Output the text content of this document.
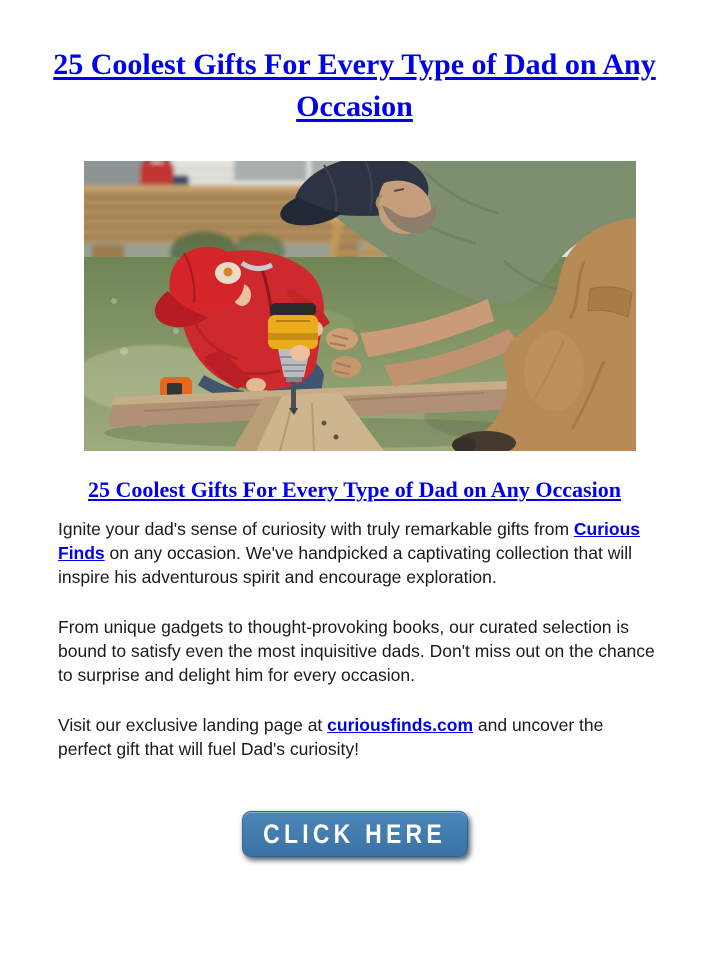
25 Coolest Gifts For Every Type of Dad on Any Occasion
25 Coolest Gifts For Every Type of Dad on Any Occasion

Ignite your dad's sense of curiosity with truly remarkable gifts from Curious Finds on any occasion. We've handpicked a captivating collection that will inspire his adventurous spirit and encourage exploration.

From unique gadgets to thought-provoking books, our curated selection is bound to satisfy even the most inquisitive dads. Don't miss out on the chance to surprise and delight him for every occasion.

Visit our exclusive landing page at curiousfinds.com and uncover the perfect gift that will fuel Dad's curiosity!

CLICK HERE
